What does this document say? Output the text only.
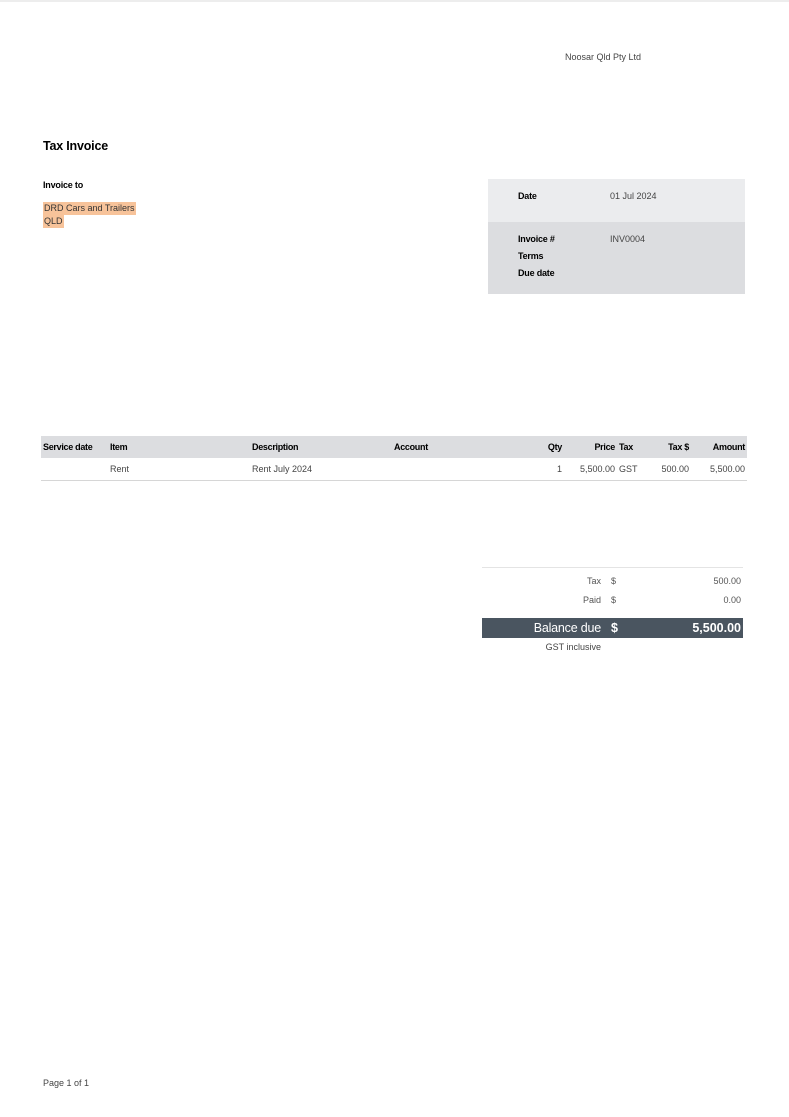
Noosar Qld Pty Ltd
Tax Invoice
Invoice to
DRD Cars and Trailers
QLD
Date	01 Jul 2024
Invoice #	INV0004
Terms
Due date
Service date	Item	Description	Account	Qty	Price	Tax	Tax $	Amount
	Rent	Rent July 2024		1	5,500.00	GST	500.00	5,500.00
Tax $	500.00
Paid $	0.00
Balance due $	5,500.00
GST inclusive
Page 1 of 1
